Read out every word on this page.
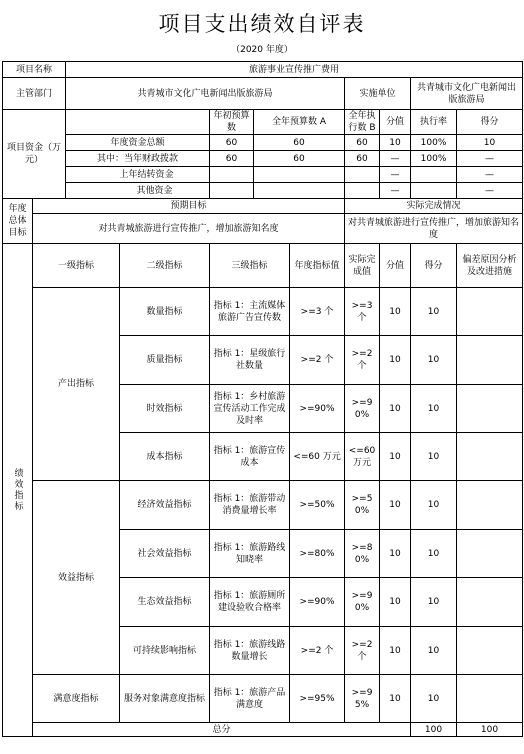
项目支出绩效自评表
（2020 年度）
项目名称		旅游事业宣传推广费用									
主管部门		共青城市文化广电新闻出版旅游局					实施单位		共青城市文化广电新闻出版旅游局		
项目资金（万元）				年初预算数	全年预算数 A		全年执行数 B	分值	执行率	得分	
		年度资金总额		60	60		60	10	100%	10	
		其中：当年财政拨款		60	60		60	—	100%	—	
		上年结转资金						—		—	
		其他资金						—		—	
年度总体目标	预期目标						实际完成情况				
	对共青城旅游进行宣传推广，增加旅游知名度						对共青城旅游进行宣传推广，增加旅游知名度				
绩效指标	一级指标		二级指标	三级指标		年度指标值	实际完成值	分值	得分	偏差原因分析及改进措施	
	产出指标		数量指标	指标 1：主流媒体旅游广告宣传数		>=3 个	>=3 个	10	10		
			质量指标	指标 1：星级旅行社数量		>=2 个	>=2 个	10	10		
			时效指标	指标 1：乡村旅游宣传活动工作完成及时率		>=90%	>=90%	10	10		
			成本指标	指标 1：旅游宣传成本		<=60 万元	<=60 万元	10	10		
	效益指标		经济效益指标	指标 1：旅游带动消费量增长率		>=50%	>=50%	10	10		
			社会效益指标	指标 1：旅游路线知晓率		>=80%	>=80%	10	10		
			生态效益指标	指标 1：旅游厕所建设验收合格率		>=90%	>=90%	10	10		
			可持续影响指标	指标 1：旅游线路数量增长		>=2 个	>=2 个	10	10		
	满意度指标		服务对象满意度指标	指标 1：旅游产品满意度		>=95%	>=95%	10	10		
	总分								100	100	
